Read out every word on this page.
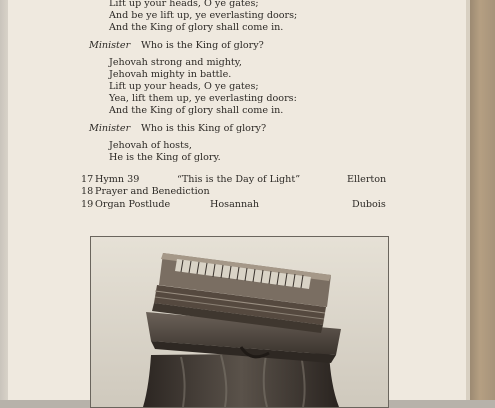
Lift up your heads, O ye gates;
And be ye lift up, ye everlasting doors;
And the King of glory shall come in.
Minister Who is the King of glory?
Jehovah strong and mighty,
Jehovah mighty in battle.
Lift up your heads, O ye gates;
Yea, lift them up, ye everlasting doors:
And the King of glory shall come in.
Minister Who is this King of glory?
Jehovah of hosts,
He is the King of glory.
17 Hymn 39	“This is the Day of Light”	Ellerton
18 Prayer and Benediction
19 Organ Postlude	Hosannah	Dubois
